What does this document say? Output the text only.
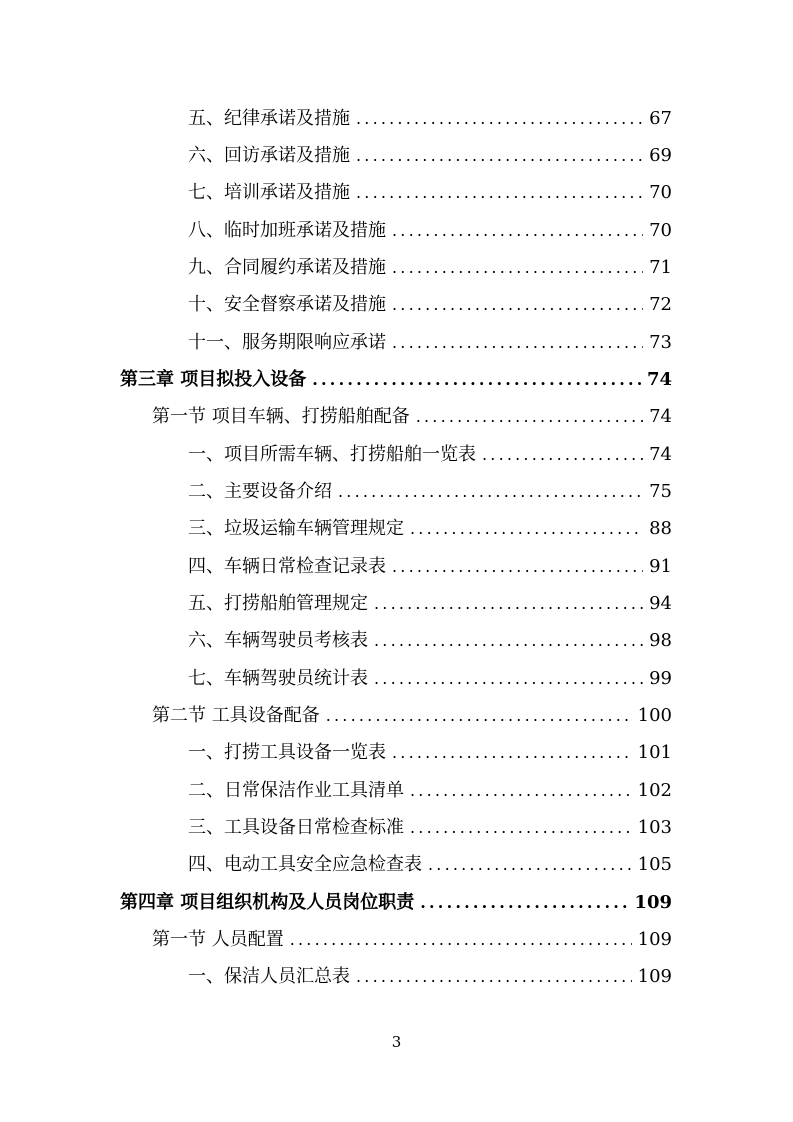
五、纪律承诺及措施 .....	67
六、回访承诺及措施 .....	69
七、培训承诺及措施 .....	70
八、临时加班承诺及措施 .....	70
九、合同履约承诺及措施 .....	71
十、安全督察承诺及措施 .....	72
十一、服务期限响应承诺 .....	73
第三章 项目拟投入设备 .....	74
第一节 项目车辆、打捞船舶配备 .....	74
一、项目所需车辆、打捞船舶一览表 .....	74
二、主要设备介绍 .....	75
三、垃圾运输车辆管理规定 .....	88
四、车辆日常检查记录表 .....	91
五、打捞船舶管理规定 .....	94
六、车辆驾驶员考核表 .....	98
七、车辆驾驶员统计表 .....	99
第二节 工具设备配备 .....	100
一、打捞工具设备一览表 .....	101
二、日常保洁作业工具清单 .....	102
三、工具设备日常检查标准 .....	103
四、电动工具安全应急检查表 .....	105
第四章 项目组织机构及人员岗位职责 .....	109
第一节 人员配置 .....	109
一、保洁人员汇总表 .....	109
3
